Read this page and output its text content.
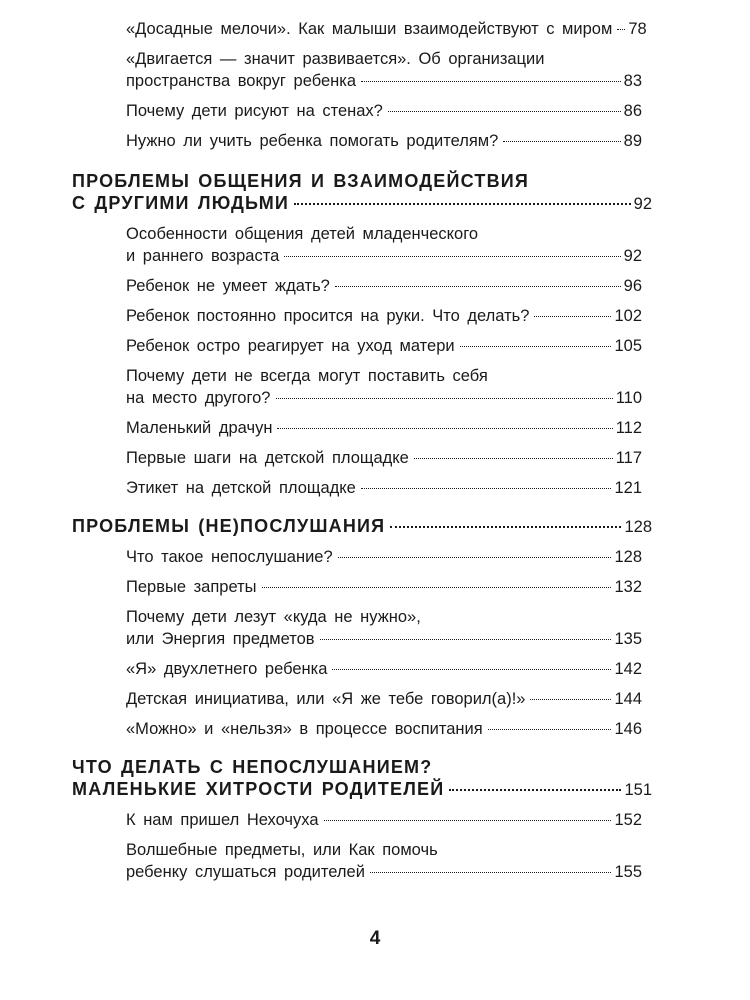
«Досадные мелочи». Как малыши взаимодействуют с миром 78
«Двигается — значит развивается». Об организации
пространства вокруг ребенка	83
Почему дети рисуют на стенах?	86
Нужно ли учить ребенка помогать родителям?	89
ПРОБЛЕМЫ ОБЩЕНИЯ И ВЗАИМОДЕЙСТВИЯ
С ДРУГИМИ ЛЮДЬМИ	92
Особенности общения детей младенческого
и раннего возраста	92
Ребенок не умеет ждать?	96
Ребенок постоянно просится на руки. Что делать?	102
Ребенок остро реагирует на уход матери	105
Почему дети не всегда могут поставить себя
на место другого?	110
Маленький драчун	112
Первые шаги на детской площадке	117
Этикет на детской площадке	121
ПРОБЛЕМЫ (НЕ)ПОСЛУШАНИЯ	128
Что такое непослушание?	128
Первые запреты	132
Почему дети лезут «куда не нужно»,
или Энергия предметов	135
«Я» двухлетнего ребенка	142
Детская инициатива, или «Я же тебе говорил(а)!»	144
«Можно» и «нельзя» в процессе воспитания	146
ЧТО ДЕЛАТЬ С НЕПОСЛУШАНИЕМ?
МАЛЕНЬКИЕ ХИТРОСТИ РОДИТЕЛЕЙ	151
К нам пришел Нехочуха	152
Волшебные предметы, или Как помочь
ребенку слушаться родителей	155
4
